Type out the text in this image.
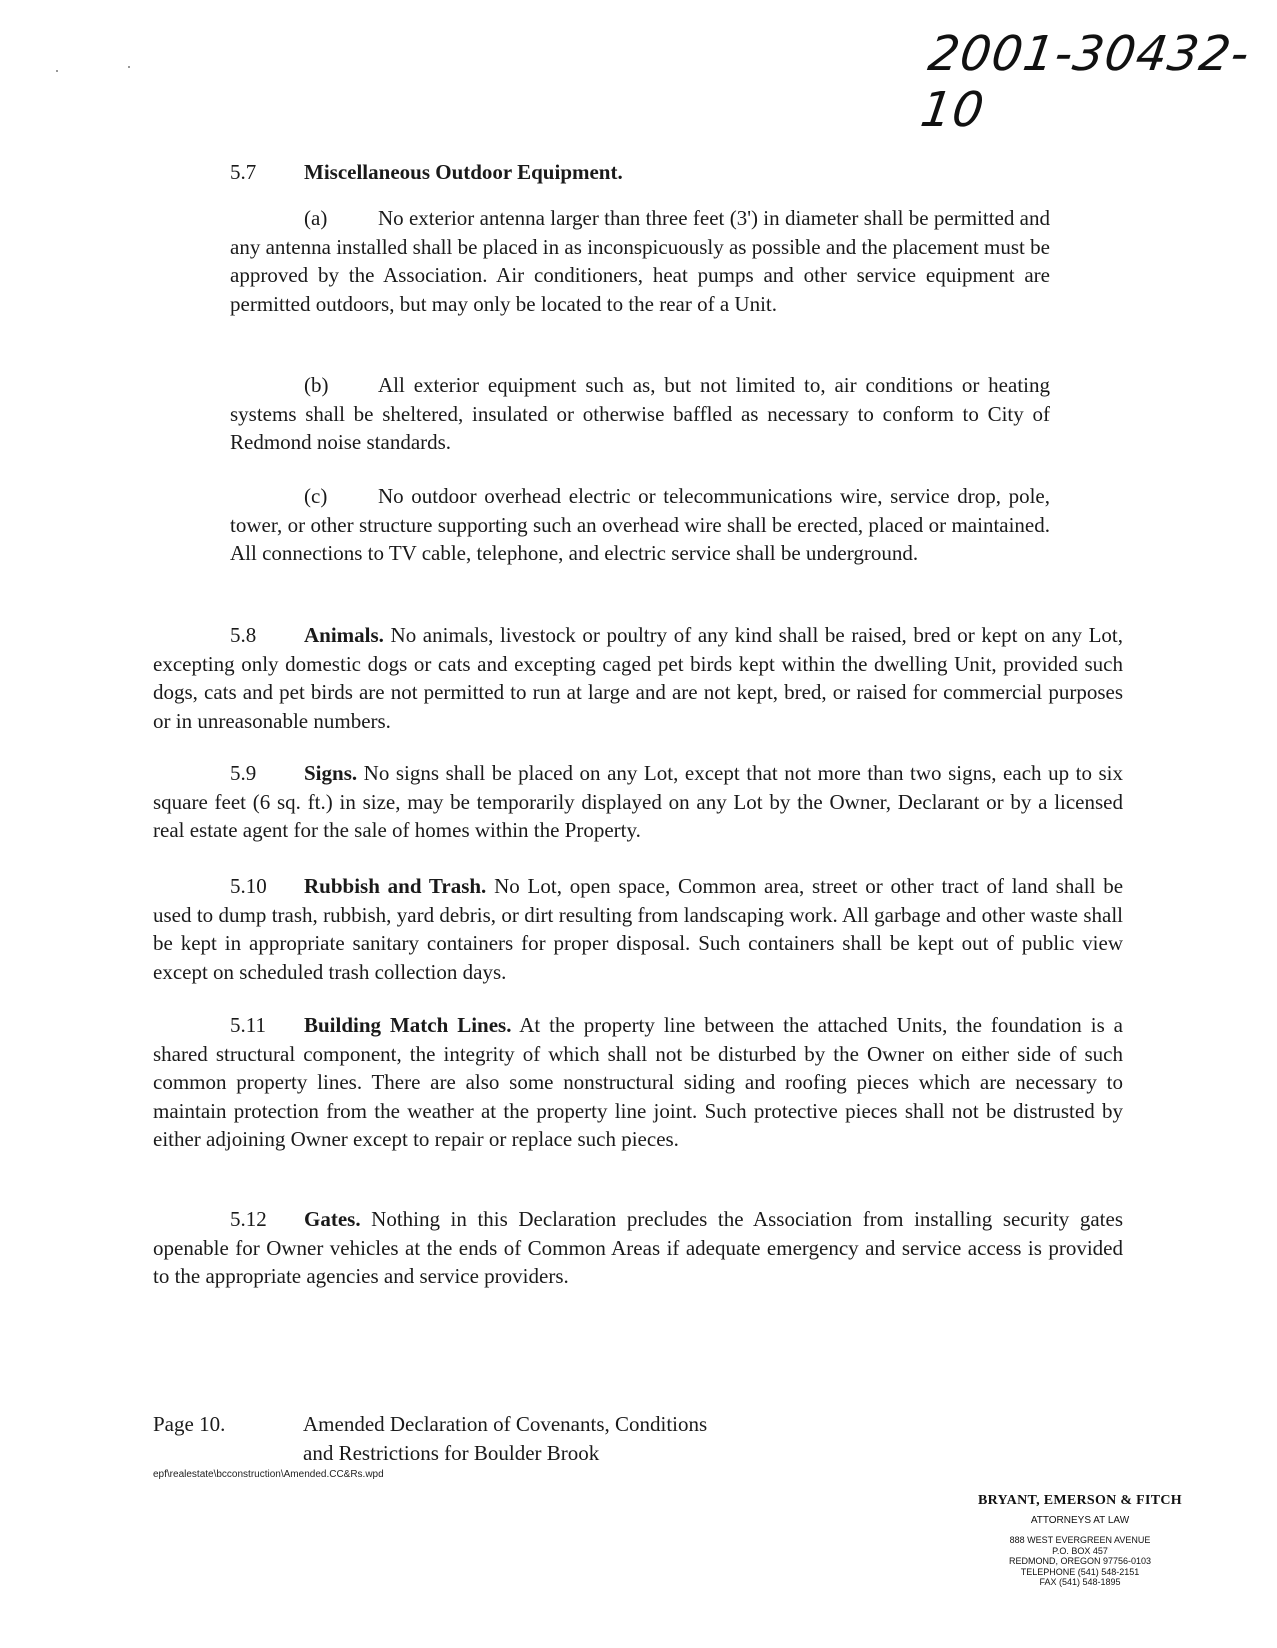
2001-30432-10
5.7 Miscellaneous Outdoor Equipment.

(a) No exterior antenna larger than three feet (3') in diameter shall be permitted and any antenna installed shall be placed in as inconspicuously as possible and the placement must be approved by the Association. Air conditioners, heat pumps and other service equipment are permitted outdoors, but may only be located to the rear of a Unit.

(b) All exterior equipment such as, but not limited to, air conditions or heating systems shall be sheltered, insulated or otherwise baffled as necessary to conform to City of Redmond noise standards.

(c) No outdoor overhead electric or telecommunications wire, service drop, pole, tower, or other structure supporting such an overhead wire shall be erected, placed or maintained. All connections to TV cable, telephone, and electric service shall be underground.

5.8 Animals. No animals, livestock or poultry of any kind shall be raised, bred or kept on any Lot, excepting only domestic dogs or cats and excepting caged pet birds kept within the dwelling Unit, provided such dogs, cats and pet birds are not permitted to run at large and are not kept, bred, or raised for commercial purposes or in unreasonable numbers.

5.9 Signs. No signs shall be placed on any Lot, except that not more than two signs, each up to six square feet (6 sq. ft.) in size, may be temporarily displayed on any Lot by the Owner, Declarant or by a licensed real estate agent for the sale of homes within the Property.

5.10 Rubbish and Trash. No Lot, open space, Common area, street or other tract of land shall be used to dump trash, rubbish, yard debris, or dirt resulting from landscaping work. All garbage and other waste shall be kept in appropriate sanitary containers for proper disposal. Such containers shall be kept out of public view except on scheduled trash collection days.

5.11 Building Match Lines. At the property line between the attached Units, the foundation is a shared structural component, the integrity of which shall not be disturbed by the Owner on either side of such common property lines. There are also some nonstructural siding and roofing pieces which are necessary to maintain protection from the weather at the property line joint. Such protective pieces shall not be distrusted by either adjoining Owner except to repair or replace such pieces.

5.12 Gates. Nothing in this Declaration precludes the Association from installing security gates openable for Owner vehicles at the ends of Common Areas if adequate emergency and service access is provided to the appropriate agencies and service providers.

Page 10.	Amended Declaration of Covenants, Conditions
and Restrictions for Boulder Brook
epf\realestate\bcconstruction\Amended.CC&Rs.wpd
BRYANT, EMERSON & FITCH
ATTORNEYS AT LAW
888 WEST EVERGREEN AVENUE
P.O. BOX 457
REDMOND, OREGON 97756-0103
TELEPHONE (541) 548-2151
FAX (541) 548-1895
